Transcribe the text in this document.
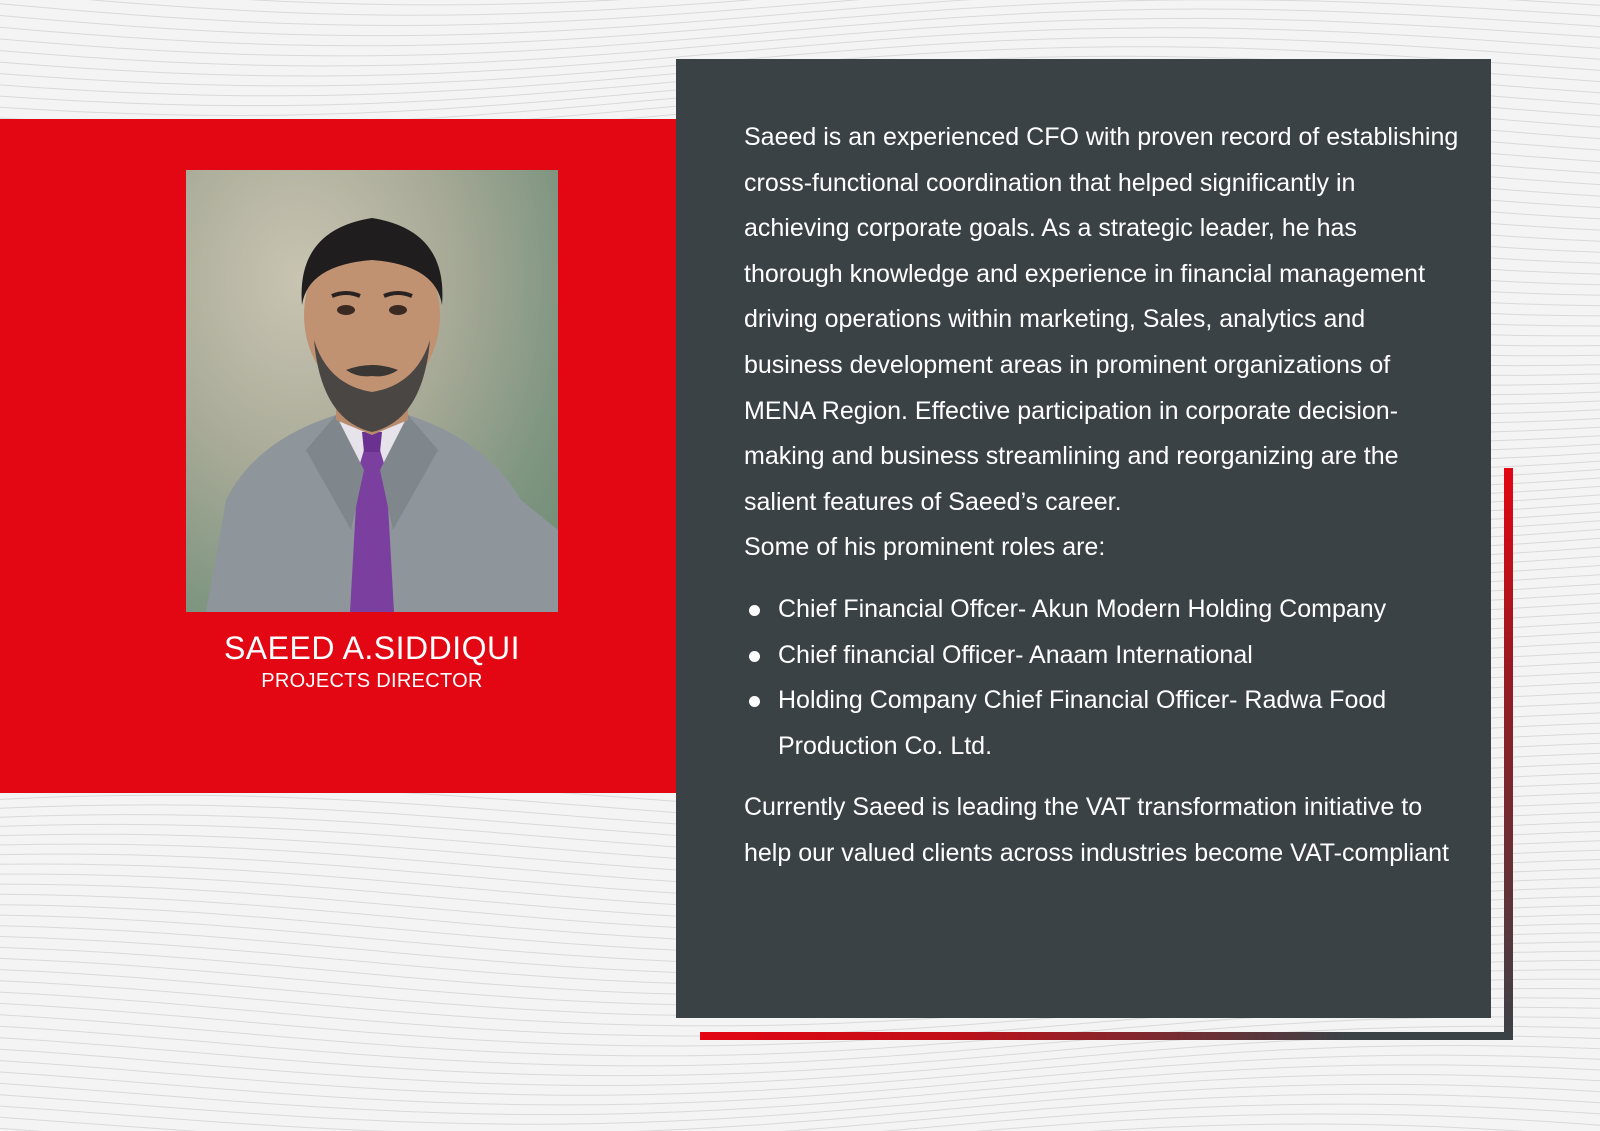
SAEED A.SIDDIQUI
PROJECTS DIRECTOR

Saeed is an experienced CFO with proven record of establishing cross-functional coordination that helped significantly in achieving corporate goals. As a strategic leader, he has thorough knowledge and experience in financial management driving operations within marketing, Sales, analytics and business development areas in prominent organizations of MENA Region. Effective participation in corporate decision-making and business streamlining and reorganizing are the salient features of Saeed’s career.

Some of his prominent roles are:

Chief Financial Offcer- Akun Modern Holding Company
Chief financial Officer- Anaam International
Holding Company Chief Financial Officer- Radwa Food Production Co. Ltd.

Currently Saeed is leading the VAT transformation initiative to help our valued clients across industries become VAT-compliant
